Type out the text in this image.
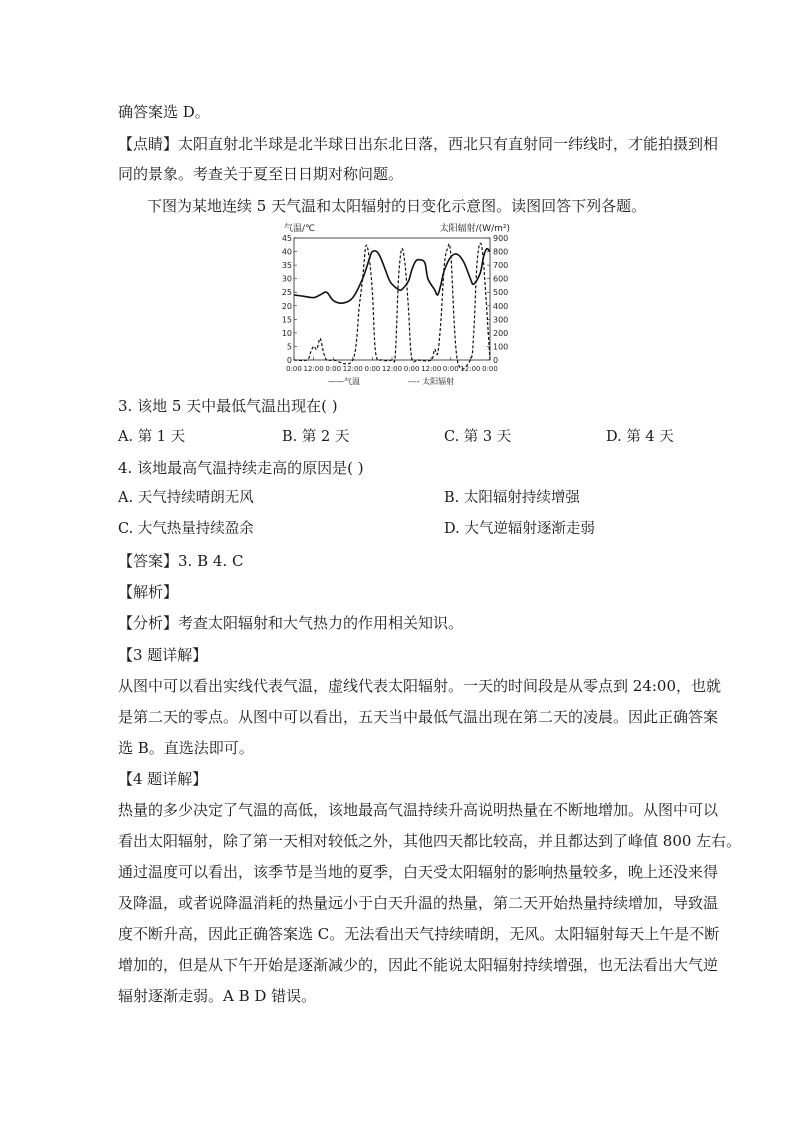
确答案选 D。
【点睛】太阳直射北半球是北半球日出东北日落，西北只有直射同一纬线时，才能拍摄到相
同的景象。考查关于夏至日日期对称问题。
下图为某地连续 5 天气温和太阳辐射的日变化示意图。读图回答下列各题。
气温/℃	太阳辐射/(W/m²)
45
40
35
30
25
20
15
10
5
0
900
800
700
600
500
400
300
200
100
0
0:00 12:00 0:00 12:00 0:00 12:00 0:00 12:00 0:00 12:00 0:00
——气温	---- 太阳辐射
3. 该地 5 天中最低气温出现在( )
A. 第 1 天	B. 第 2 天	C. 第 3 天	D. 第 4 天
4. 该地最高气温持续走高的原因是( )
A. 天气持续晴朗无风	B. 太阳辐射持续增强
C. 大气热量持续盈余	D. 大气逆辐射逐渐走弱
【答案】3. B 4. C
【解析】
【分析】考查太阳辐射和大气热力的作用相关知识。
【3 题详解】
从图中可以看出实线代表气温，虚线代表太阳辐射。一天的时间段是从零点到 24:00，也就
是第二天的零点。从图中可以看出，五天当中最低气温出现在第二天的凌晨。因此正确答案
选 B。直选法即可。
【4 题详解】
热量的多少决定了气温的高低，该地最高气温持续升高说明热量在不断地增加。从图中可以
看出太阳辐射，除了第一天相对较低之外，其他四天都比较高，并且都达到了峰值 800 左右。
通过温度可以看出，该季节是当地的夏季，白天受太阳辐射的影响热量较多，晚上还没来得
及降温，或者说降温消耗的热量远小于白天升温的热量，第二天开始热量持续增加，导致温
度不断升高，因此正确答案选 C。无法看出天气持续晴朗，无风。太阳辐射每天上午是不断
增加的，但是从下午开始是逐渐减少的，因此不能说太阳辐射持续增强，也无法看出大气逆
辐射逐渐走弱。A B D 错误。
